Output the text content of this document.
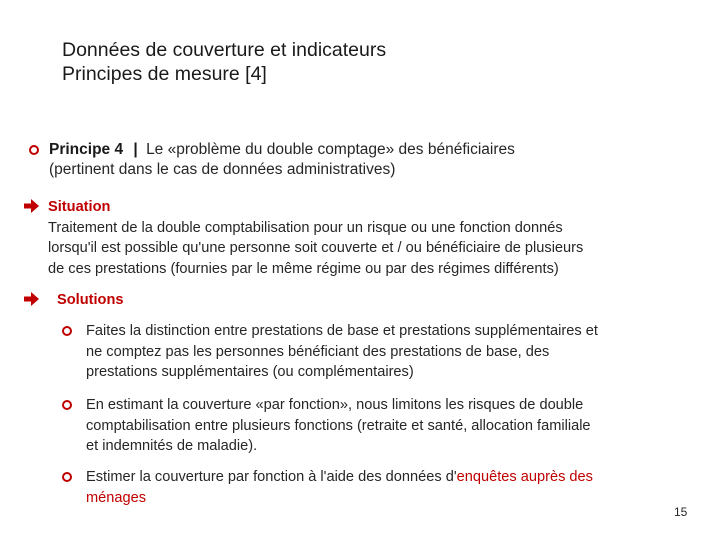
Données de couverture et indicateurs
Principes de mesure [4]
Principe 4 | Le «problème du double comptage» des bénéficiaires
(pertinent dans le cas de données administratives)
Situation
Traitement de la double comptabilisation pour un risque ou une fonction donnés
lorsqu'il est possible qu'une personne soit couverte et / ou bénéficiaire de plusieurs
de ces prestations (fournies par le même régime ou par des régimes différents)
Solutions
Faites la distinction entre prestations de base et prestations supplémentaires et
ne comptez pas les personnes bénéficiant des prestations de base, des
prestations supplémentaires (ou complémentaires)
En estimant la couverture «par fonction», nous limitons les risques de double
comptabilisation entre plusieurs fonctions (retraite et santé, allocation familiale
et indemnités de maladie).
Estimer la couverture par fonction à l'aide des données d'enquêtes auprès des
ménages
15
